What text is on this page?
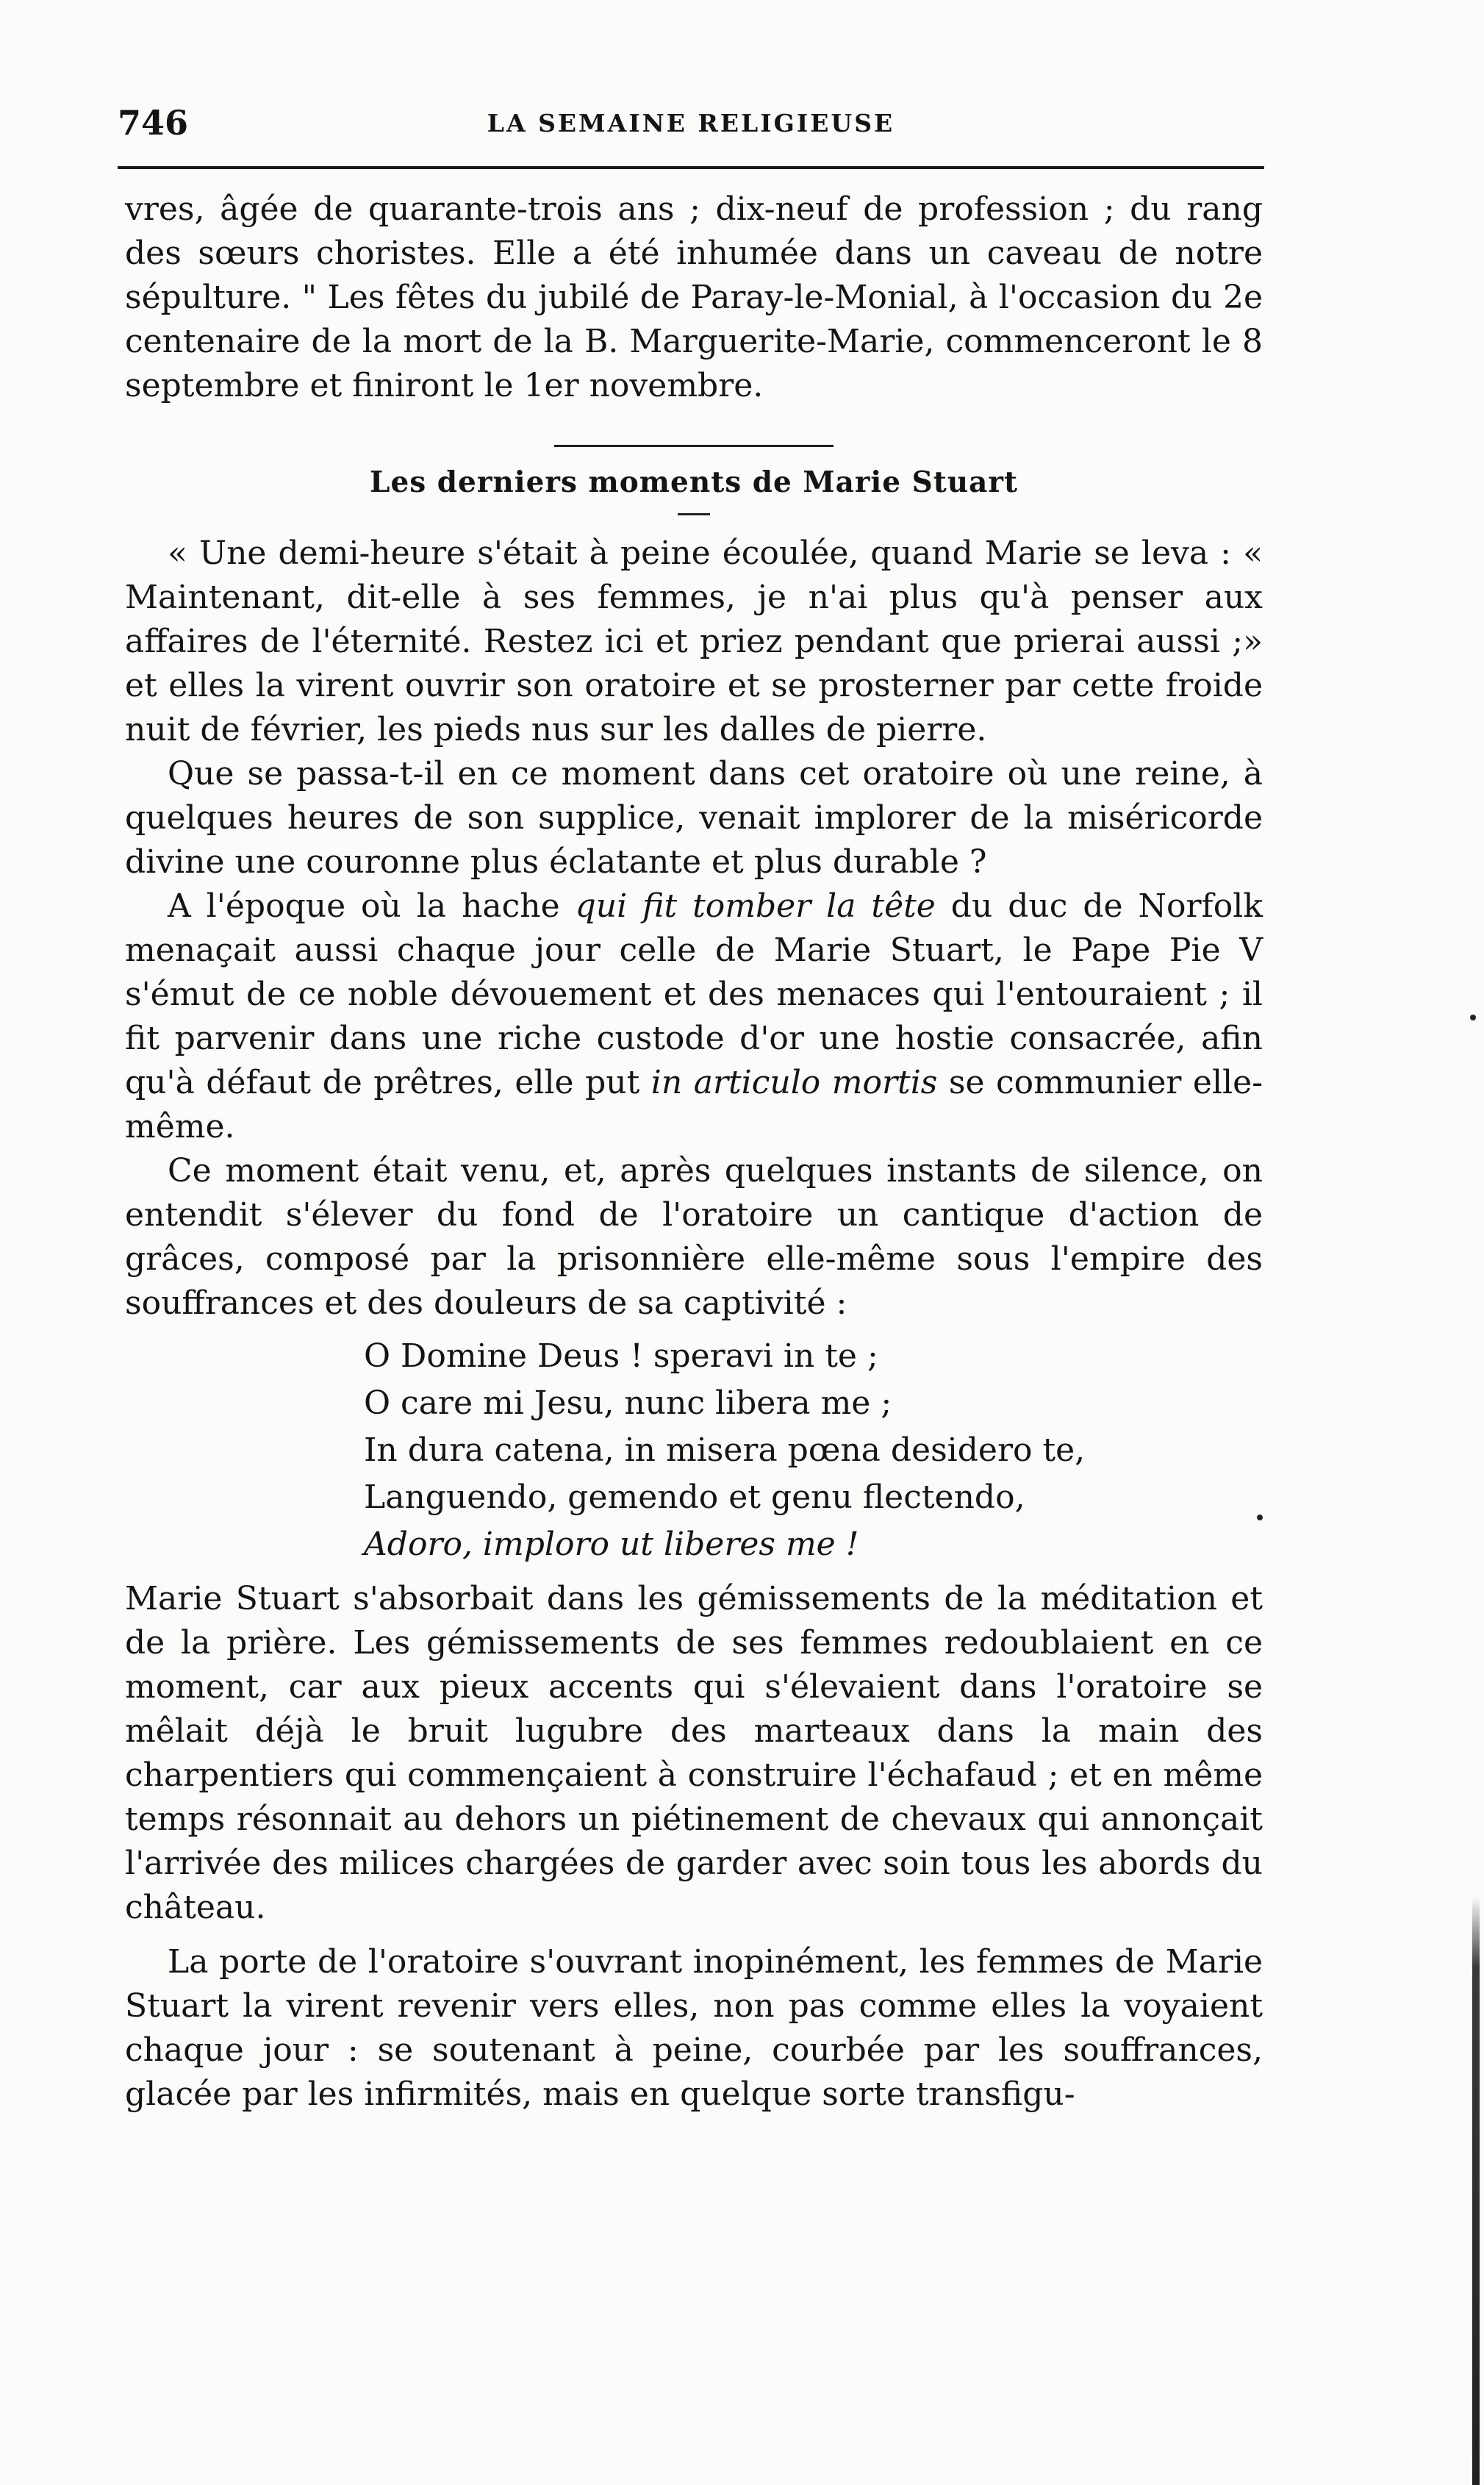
746	LA SEMAINE RELIGIEUSE

vres, âgée de quarante-trois ans ; dix-neuf de profession ; du rang des sœurs choristes. Elle a été inhumée dans un caveau de notre sépulture. " Les fêtes du jubilé de Paray-le-Monial, à l'occasion du 2e centenaire de la mort de la B. Marguerite-Marie, commenceront le 8 septembre et finiront le 1er novembre.

Les derniers moments de Marie Stuart

« Une demi-heure s'était à peine écoulée, quand Marie se leva : « Maintenant, dit-elle à ses femmes, je n'ai plus qu'à penser aux affaires de l'éternité. Restez ici et priez pendant que prierai aussi ;» et elles la virent ouvrir son oratoire et se prosterner par cette froide nuit de février, les pieds nus sur les dalles de pierre.

Que se passa-t-il en ce moment dans cet oratoire où une reine, à quelques heures de son supplice, venait implorer de la miséricorde divine une couronne plus éclatante et plus durable ?

A l'époque où la hache qui fit tomber la tête du duc de Norfolk menaçait aussi chaque jour celle de Marie Stuart, le Pape Pie V s'émut de ce noble dévouement et des menaces qui l'entouraient ; il fit parvenir dans une riche custode d'or une hostie consacrée, afin qu'à défaut de prêtres, elle put in articulo mortis se communier elle-même.

Ce moment était venu, et, après quelques instants de silence, on entendit s'élever du fond de l'oratoire un cantique d'action de grâces, composé par la prisonnière elle-même sous l'empire des souffrances et des douleurs de sa captivité :

O Domine Deus ! speravi in te ;
O care mi Jesu, nunc libera me ;
In dura catena, in misera pœna desidero te,
Languendo, gemendo et genu flectendo,
Adoro, imploro ut liberes me !

Marie Stuart s'absorbait dans les gémissements de la méditation et de la prière. Les gémissements de ses femmes redoublaient en ce moment, car aux pieux accents qui s'élevaient dans l'oratoire se mêlait déjà le bruit lugubre des marteaux dans la main des charpentiers qui commençaient à construire l'échafaud ; et en même temps résonnait au dehors un piétinement de chevaux qui annonçait l'arrivée des milices chargées de garder avec soin tous les abords du château.

La porte de l'oratoire s'ouvrant inopinément, les femmes de Marie Stuart la virent revenir vers elles, non pas comme elles la voyaient chaque jour : se soutenant à peine, courbée par les souffrances, glacée par les infirmités, mais en quelque sorte transfigu-
